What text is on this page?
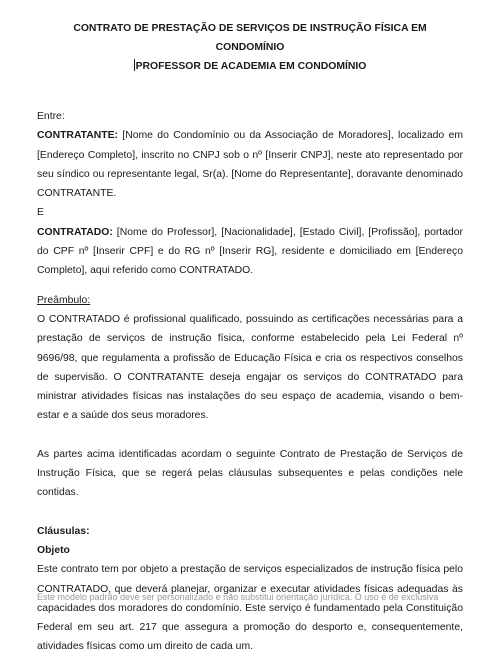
CONTRATO DE PRESTAÇÃO DE SERVIÇOS DE INSTRUÇÃO FÍSICA EM
CONDOMÍNIO
PROFESSOR DE ACADEMIA EM CONDOMÍNIO

Entre:

CONTRATANTE: [Nome do Condomínio ou da Associação de Moradores], localizado em [Endereço Completo], inscrito no CNPJ sob o nº [Inserir CNPJ], neste ato representado por seu síndico ou representante legal, Sr(a). [Nome do Representante], doravante denominado CONTRATANTE.

E

CONTRATADO: [Nome do Professor], [Nacionalidade], [Estado Civil], [Profissão], portador do CPF nº [Inserir CPF] e do RG nº [Inserir RG], residente e domiciliado em [Endereço Completo], aqui referido como CONTRATADO.

Preâmbulo:

O CONTRATADO é profissional qualificado, possuindo as certificações necessárias para a prestação de serviços de instrução física, conforme estabelecido pela Lei Federal nº 9696/98, que regulamenta a profissão de Educação Física e cria os respectivos conselhos de supervisão. O CONTRATANTE deseja engajar os serviços do CONTRATADO para ministrar atividades físicas nas instalações do seu espaço de academia, visando o bem-estar e a saúde dos seus moradores.

As partes acima identificadas acordam o seguinte Contrato de Prestação de Serviços de Instrução Física, que se regerá pelas cláusulas subsequentes e pelas condições nele contidas.

Cláusulas:

Objeto

Este contrato tem por objeto a prestação de serviços especializados de instrução física pelo CONTRATADO, que deverá planejar, organizar e executar atividades físicas adequadas às capacidades dos moradores do condomínio. Este serviço é fundamentado pela Constituição Federal em seu art. 217 que assegura a promoção do desporto e, consequentemente, atividades físicas como um direito de cada um.

Este modelo padrão deve ser personalizado e não substitui orientação jurídica. O uso é de exclusiva
